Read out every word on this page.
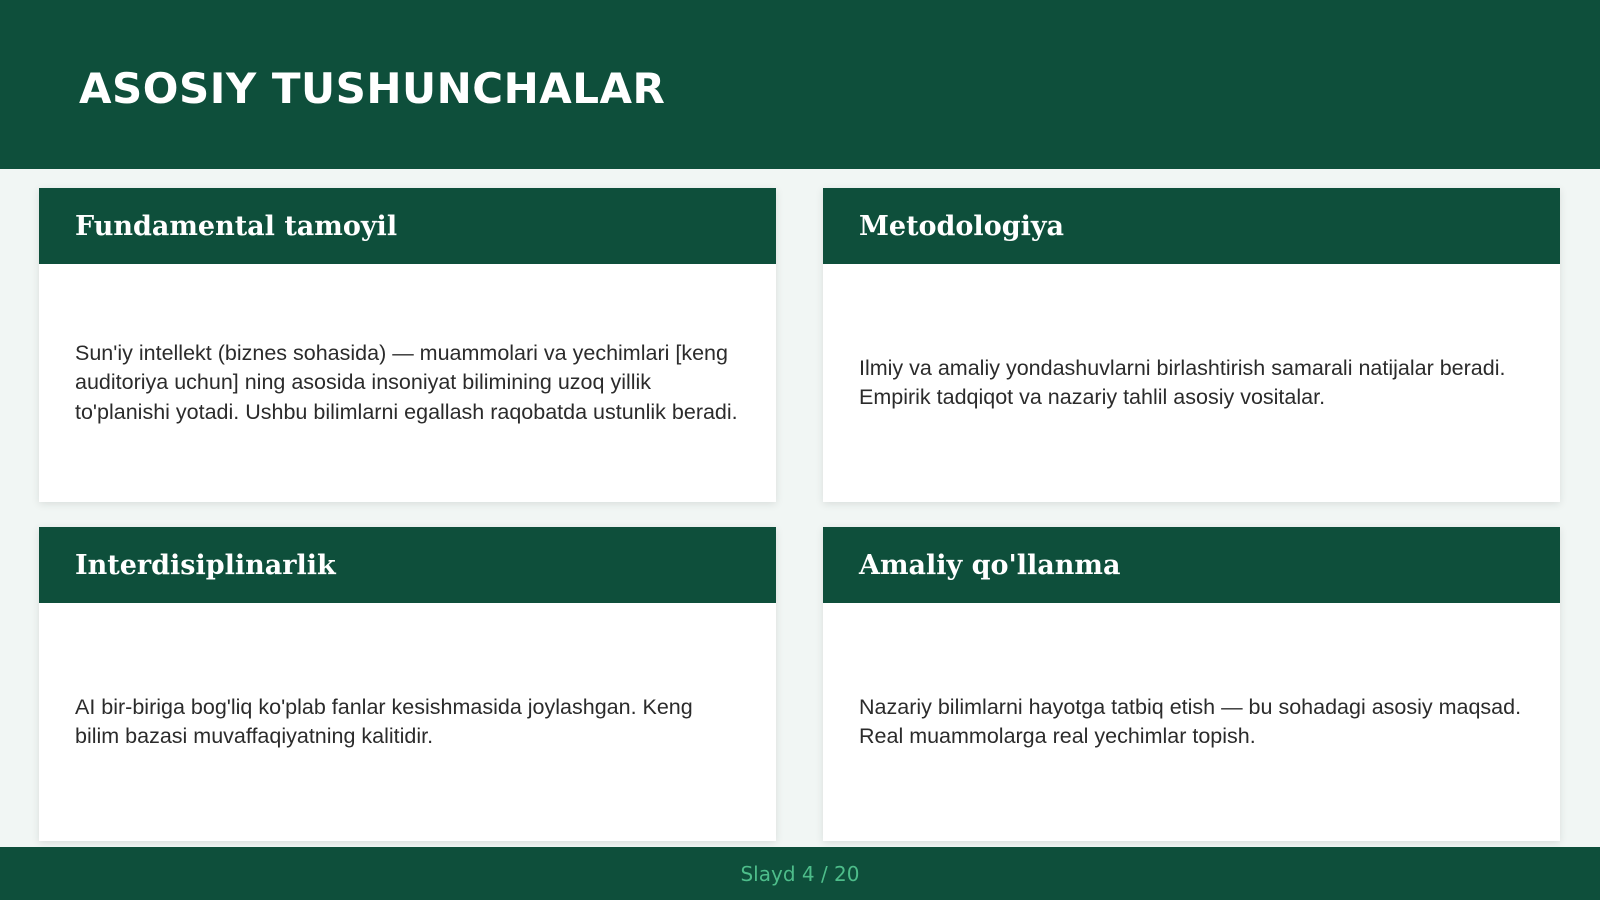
ASOSIY TUSHUNCHALAR
Fundamental tamoyil

Sun'iy intellekt (biznes sohasida) — muammolari va yechimlari [keng auditoriya uchun] ning asosida insoniyat bilimining uzoq yillik to'planishi yotadi. Ushbu bilimlarni egallash raqobatda ustunlik beradi.

Metodologiya

Ilmiy va amaliy yondashuvlarni birlashtirish samarali natijalar beradi. Empirik tadqiqot va nazariy tahlil asosiy vositalar.

Interdisiplinarlik

AI bir-biriga bog'liq ko'plab fanlar kesishmasida joylashgan. Keng bilim bazasi muvaffaqiyatning kalitidir.

Amaliy qo'llanma

Nazariy bilimlarni hayotga tatbiq etish — bu sohadagi asosiy maqsad. Real muammolarga real yechimlar topish.

Slayd 4 / 20
